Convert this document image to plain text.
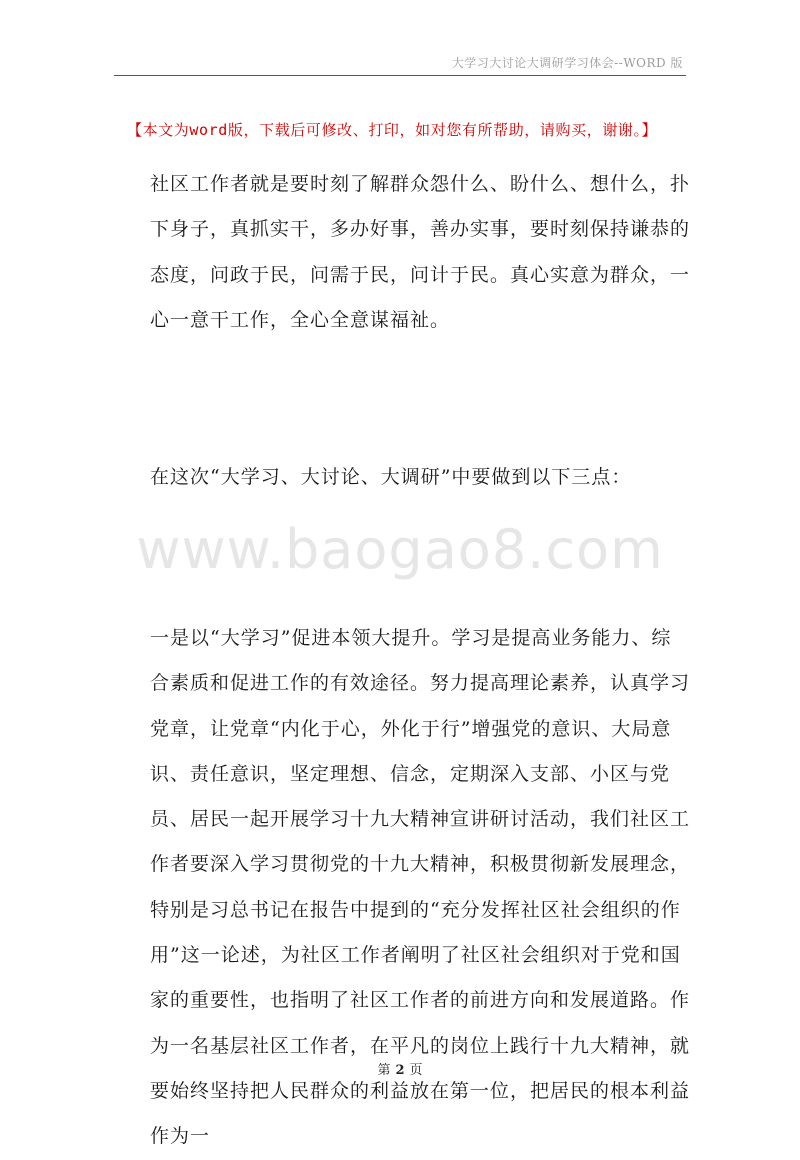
大学习大讨论大调研学习体会--WORD 版
【本文为word版，下载后可修改、打印，如对您有所帮助，请购买，谢谢。】

社区工作者就是要时刻了解群众怨什么、盼什么、想什么，扑下身子，真抓实干，多办好事，善办实事，要时刻保持谦恭的态度，问政于民，问需于民，问计于民。真心实意为群众，一心一意干工作，全心全意谋福祉。

在这次“大学习、大讨论、大调研”中要做到以下三点：

www.baogao8.com

一是以“大学习”促进本领大提升。学习是提高业务能力、综合素质和促进工作的有效途径。努力提高理论素养，认真学习党章，让党章“内化于心，外化于行”增强党的意识、大局意识、责任意识，坚定理想、信念，定期深入支部、小区与党员、居民一起开展学习十九大精神宣讲研讨活动，我们社区工作者要深入学习贯彻党的十九大精神，积极贯彻新发展理念，特别是习总书记在报告中提到的“充分发挥社区社会组织的作用”这一论述，为社区工作者阐明了社区社会组织对于党和国家的重要性，也指明了社区工作者的前进方向和发展道路。作为一名基层社区工作者，在平凡的岗位上践行十九大精神，就要始终坚持把人民群众的利益放在第一位，把居民的根本利益作为一

第 2 页
